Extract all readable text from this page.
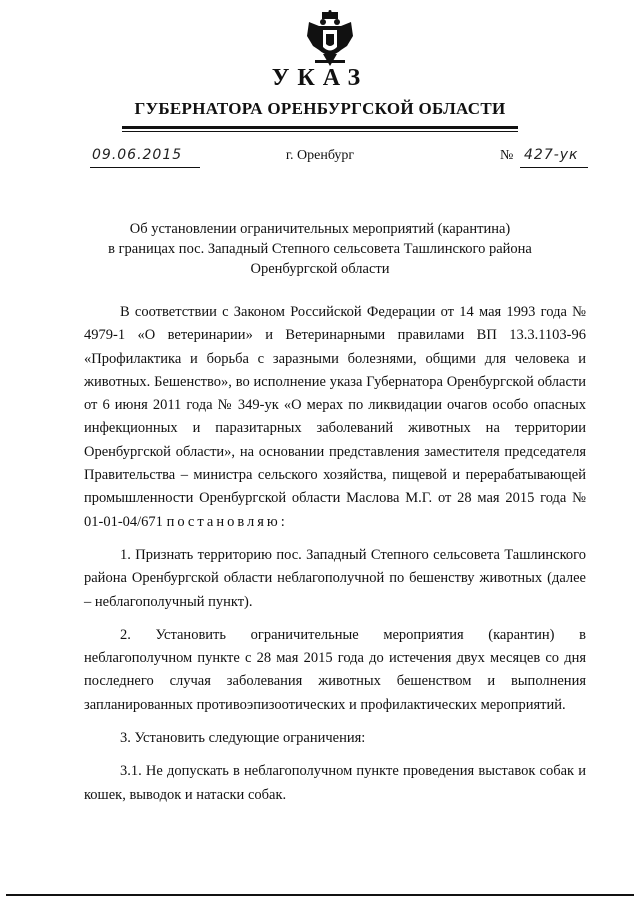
УКАЗ
ГУБЕРНАТОРА ОРЕНБУРГСКОЙ ОБЛАСТИ
09.06.2015	г. Оренбург	№ 427-ук
Об установлении ограничительных мероприятий (карантина)
в границах пос. Западный Степного сельсовета Ташлинского района
Оренбургской области

В соответствии с Законом Российской Федерации от 14 мая 1993 года № 4979-1 «О ветеринарии» и Ветеринарными правилами ВП 13.3.1103-96 «Профилактика и борьба с заразными болезнями, общими для человека и животных. Бешенство», во исполнение указа Губернатора Оренбургской области от 6 июня 2011 года № 349-ук «О мерах по ликвидации очагов особо опасных инфекционных и паразитарных заболеваний животных на территории Оренбургской области», на основании представления заместителя председателя Правительства – министра сельского хозяйства, пищевой и перерабатывающей промышленности Оренбургской области Маслова М.Г. от 28 мая 2015 года № 01-01-04/671 постановляю:

1. Признать территорию пос. Западный Степного сельсовета Ташлинского района Оренбургской области неблагополучной по бешенству животных (далее – неблагополучный пункт).

2. Установить ограничительные мероприятия (карантин) в неблагополучном пункте с 28 мая 2015 года до истечения двух месяцев со дня последнего случая заболевания животных бешенством и выполнения запланированных противоэпизоотических и профилактических мероприятий.

3. Установить следующие ограничения:

3.1. Не допускать в неблагополучном пункте проведения выставок собак и кошек, выводок и натаски собак.
